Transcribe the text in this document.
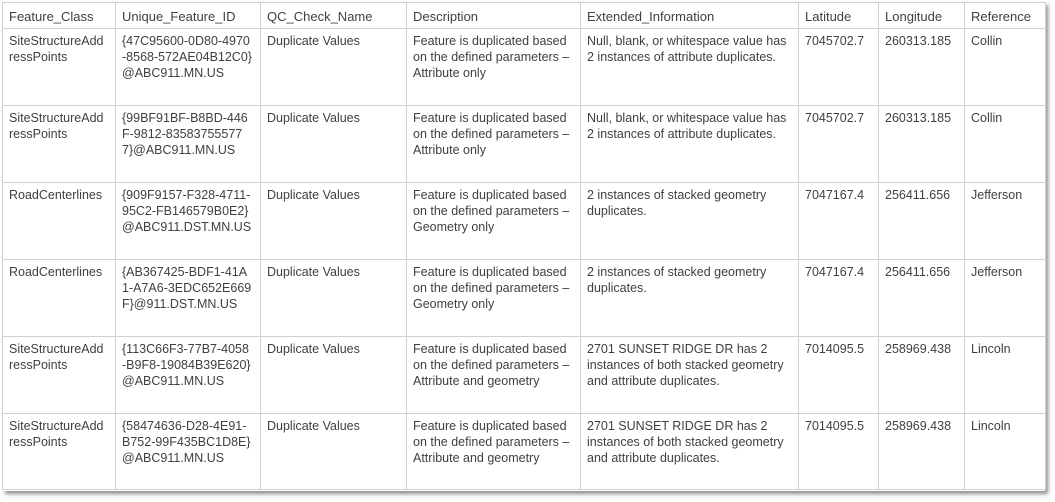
Feature_Class	Unique_Feature_ID	QC_Check_Name	Description	Extended_Information	Latitude	Longitude	Reference
SiteStructureAddressPoints	{47C95600-0D80-4970-8568-572AE04B12C0}@ABC911.MN.US	Duplicate Values	Feature is duplicated based on the defined parameters – Attribute only	Null, blank, or whitespace value has 2 instances of attribute duplicates.	7045702.7	260313.185	Collin
SiteStructureAddressPoints	{99BF91BF-B8BD-446F-9812-835837555777}@ABC911.MN.US	Duplicate Values	Feature is duplicated based on the defined parameters – Attribute only	Null, blank, or whitespace value has 2 instances of attribute duplicates.	7045702.7	260313.185	Collin
RoadCenterlines	{909F9157-F328-4711-95C2-FB146579B0E2}@ABC911.DST.MN.US	Duplicate Values	Feature is duplicated based on the defined parameters – Geometry only	2 instances of stacked geometry duplicates.	7047167.4	256411.656	Jefferson
RoadCenterlines	{AB367425-BDF1-41A1-A7A6-3EDC652E669F}@911.DST.MN.US	Duplicate Values	Feature is duplicated based on the defined parameters – Geometry only	2 instances of stacked geometry duplicates.	7047167.4	256411.656	Jefferson
SiteStructureAddressPoints	{113C66F3-77B7-4058-B9F8-19084B39E620}@ABC911.MN.US	Duplicate Values	Feature is duplicated based on the defined parameters – Attribute and geometry	2701 SUNSET RIDGE DR has 2 instances of both stacked geometry and attribute duplicates.	7014095.5	258969.438	Lincoln
SiteStructureAddressPoints	{58474636-D28-4E91-B752-99F435BC1D8E}@ABC911.MN.US	Duplicate Values	Feature is duplicated based on the defined parameters – Attribute and geometry	2701 SUNSET RIDGE DR has 2 instances of both stacked geometry and attribute duplicates.	7014095.5	258969.438	Lincoln
